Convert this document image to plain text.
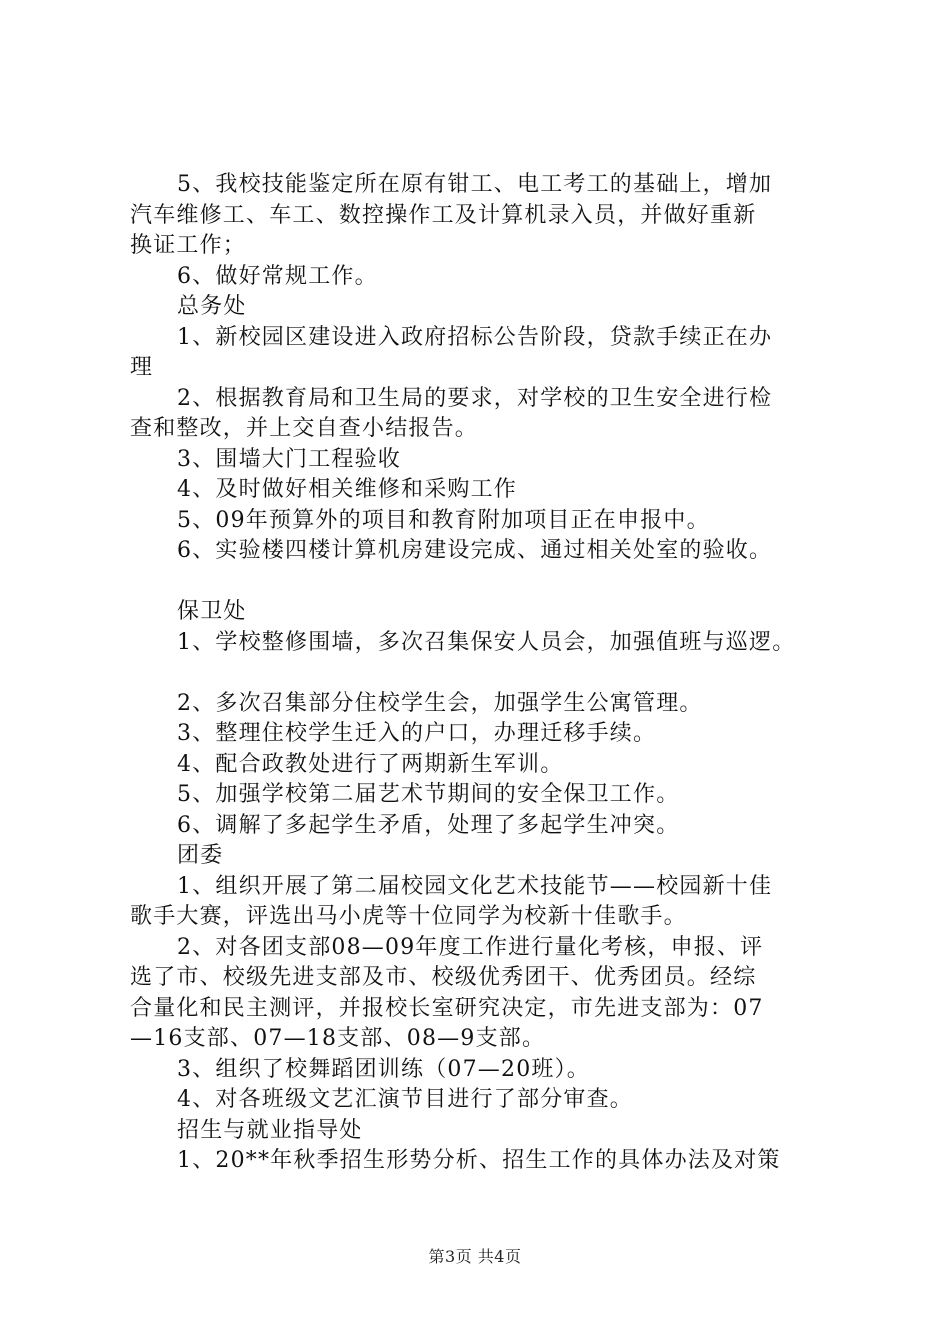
5、我校技能鉴定所在原有钳工、电工考工的基础上，增加
汽车维修工、车工、数控操作工及计算机录入员，并做好重新
换证工作；
6、做好常规工作。
总务处
1、新校园区建设进入政府招标公告阶段，贷款手续正在办
理
2、根据教育局和卫生局的要求，对学校的卫生安全进行检
查和整改，并上交自查小结报告。
3、围墙大门工程验收
4、及时做好相关维修和采购工作
5、09年预算外的项目和教育附加项目正在申报中。
6、实验楼四楼计算机房建设完成、通过相关处室的验收。
保卫处
1、学校整修围墙，多次召集保安人员会，加强值班与巡逻。
2、多次召集部分住校学生会，加强学生公寓管理。
3、整理住校学生迁入的户口，办理迁移手续。
4、配合政教处进行了两期新生军训。
5、加强学校第二届艺术节期间的安全保卫工作。
6、调解了多起学生矛盾，处理了多起学生冲突。
团委
1、组织开展了第二届校园文化艺术技能节——校园新十佳
歌手大赛，评选出马小虎等十位同学为校新十佳歌手。
2、对各团支部08—09年度工作进行量化考核，申报、评
选了市、校级先进支部及市、校级优秀团干、优秀团员。经综
合量化和民主测评，并报校长室研究决定，市先进支部为：07
—16支部、07—18支部、08—9支部。
3、组织了校舞蹈团训练（07—20班）。
4、对各班级文艺汇演节目进行了部分审查。
招生与就业指导处
1、20**年秋季招生形势分析、招生工作的具体办法及对策
第3页 共4页
